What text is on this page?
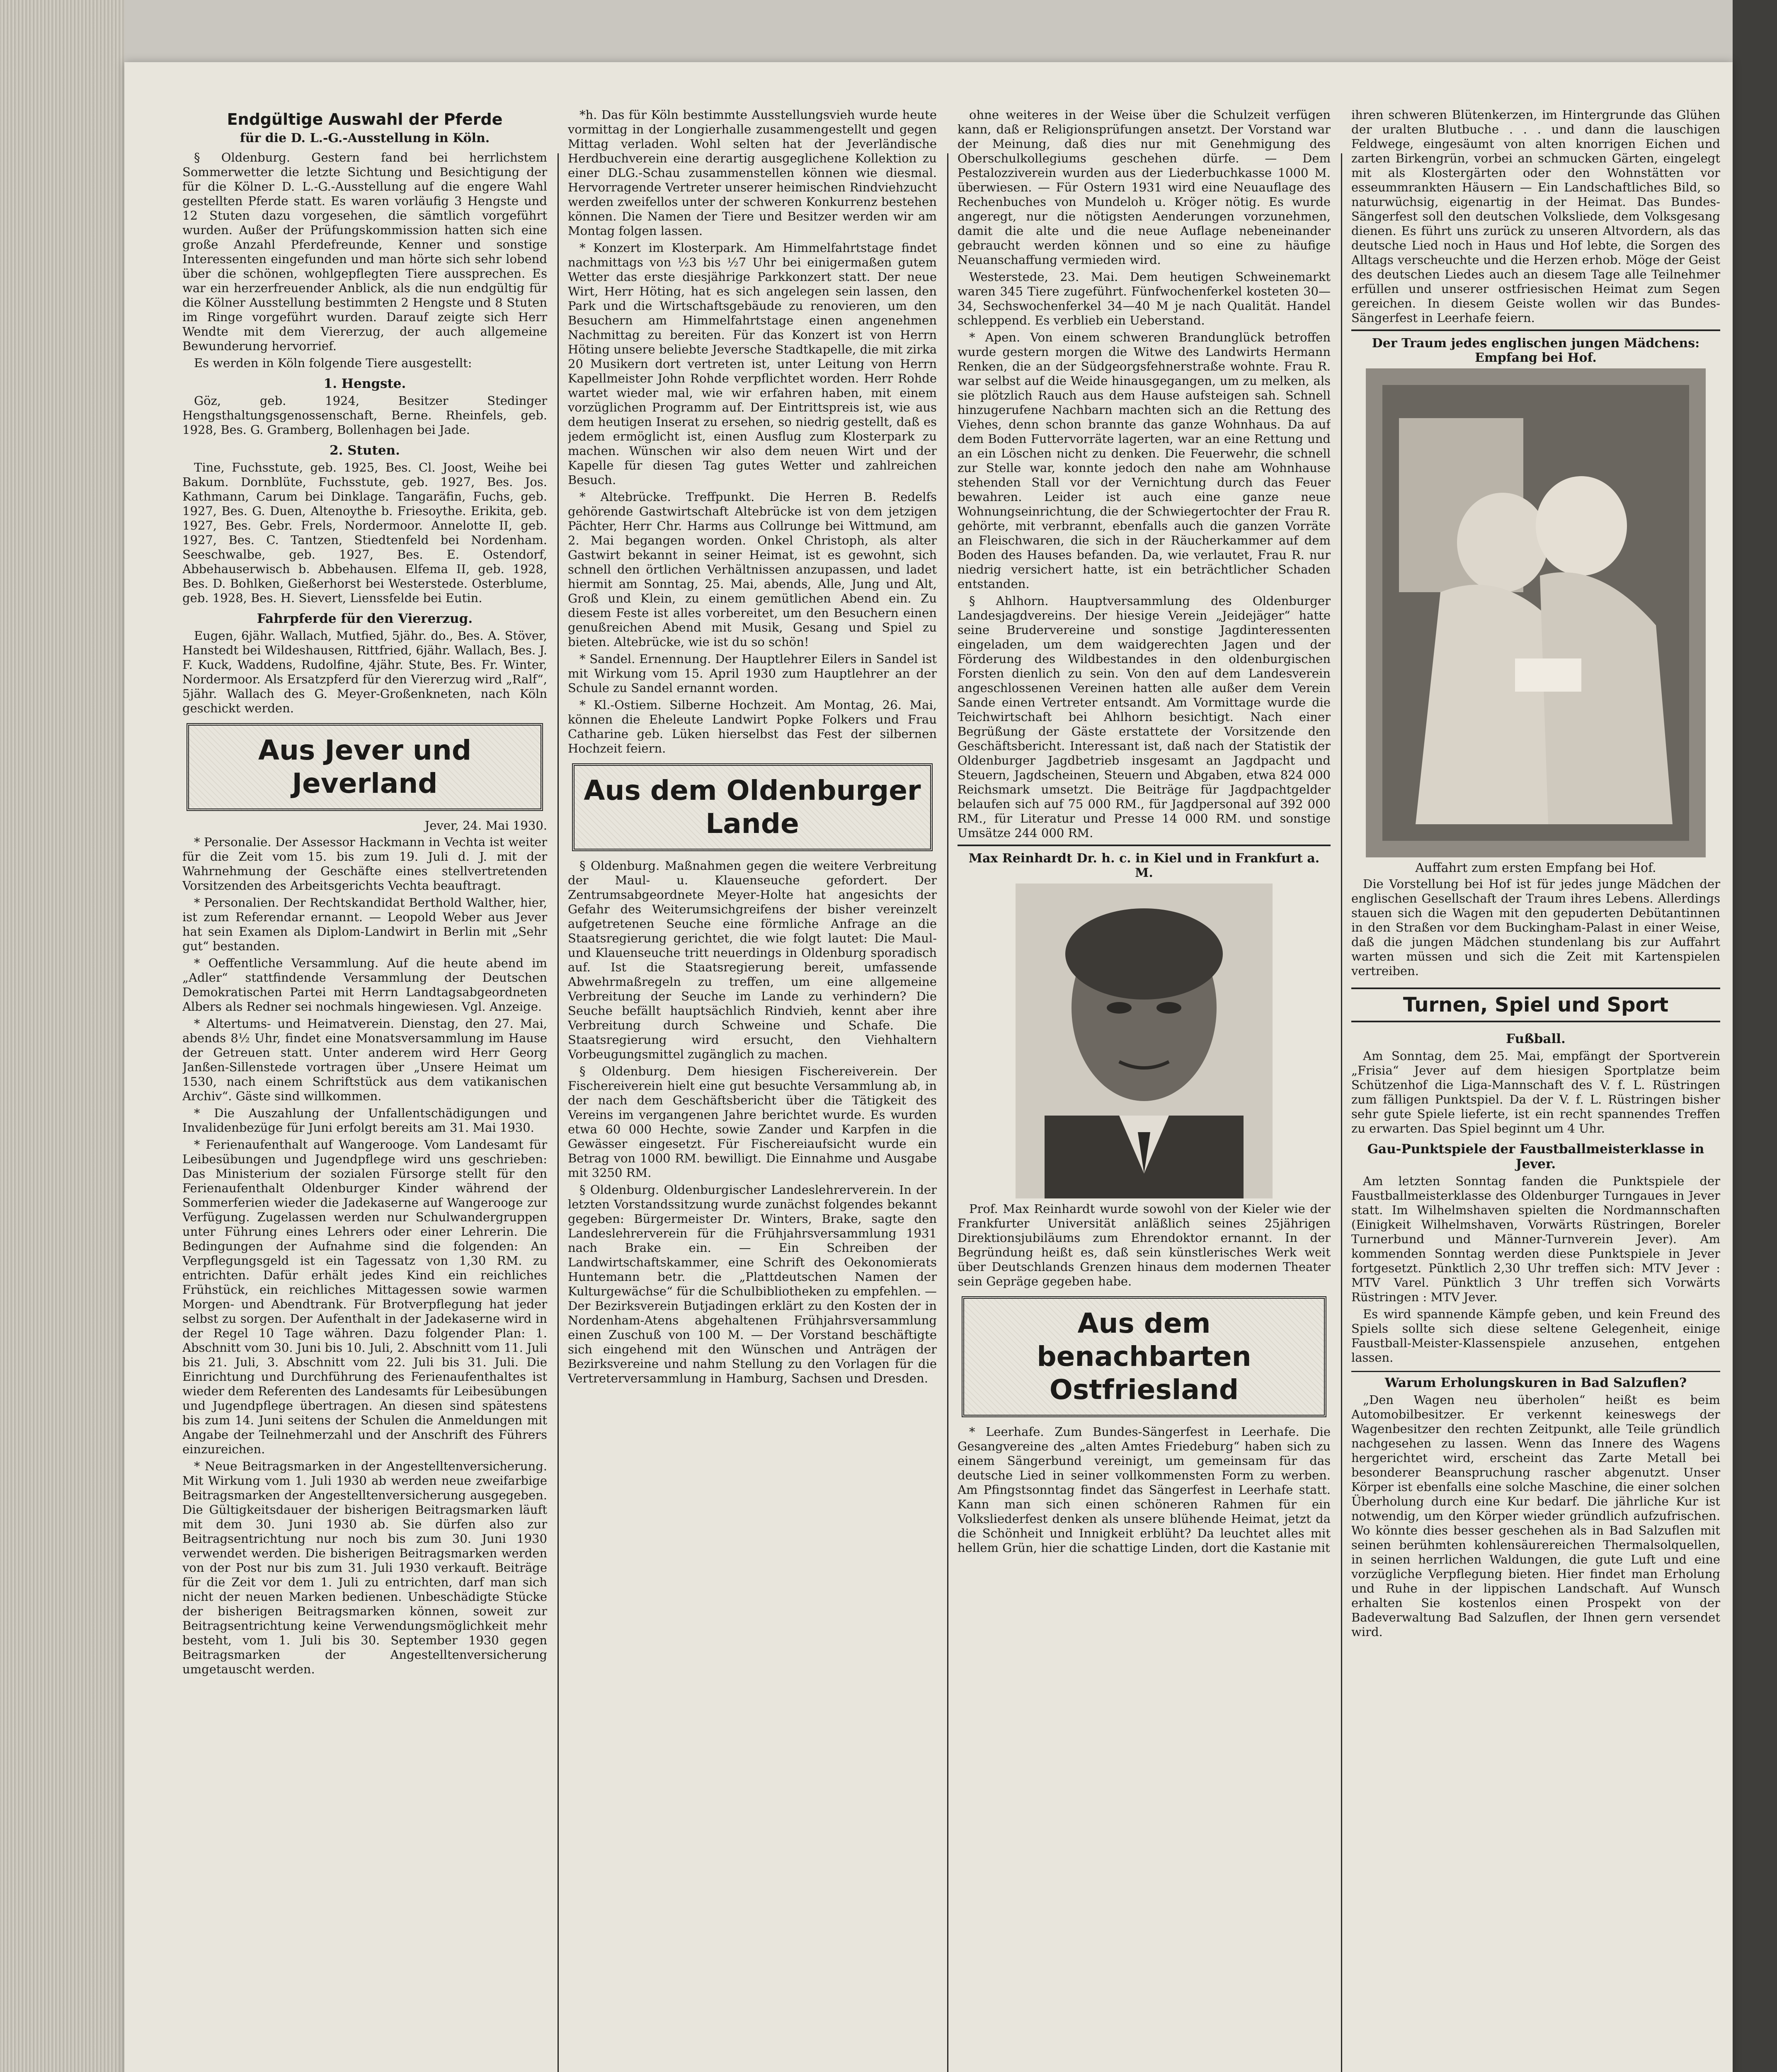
Endgültige Auswahl der Pferde
für die D. L.-G.-Ausstellung in Köln.

§ Oldenburg. Gestern fand bei herrlichstem Sommerwetter die letzte Sichtung und Besichtigung der für die Kölner D. L.-G.-Ausstellung auf die engere Wahl gestellten Pferde statt. Es waren vorläufig 3 Hengste und 12 Stuten dazu vorgesehen, die sämtlich vorgeführt wurden. Außer der Prüfungskommission hatten sich eine große Anzahl Pferdefreunde, Kenner und sonstige Interessenten eingefunden und man hörte sich sehr lobend über die schönen, wohlgepflegten Tiere aussprechen. Es war ein herzerfreuender Anblick, als die nun endgültig für die Kölner Ausstellung bestimmten 2 Hengste und 8 Stuten im Ringe vorgeführt wurden. Darauf zeigte sich Herr Wendte mit dem Viererzug, der auch allgemeine Bewunderung hervorrief.

Es werden in Köln folgende Tiere ausgestellt:

1. Hengste.

Göz, geb. 1924, Besitzer Stedinger Hengsthaltungsgenossenschaft, Berne. Rheinfels, geb. 1928, Bes. G. Gramberg, Bollenhagen bei Jade.

2. Stuten.

Tine, Fuchsstute, geb. 1925, Bes. Cl. Joost, Weihe bei Bakum. Dornblüte, Fuchsstute, geb. 1927, Bes. Jos. Kathmann, Carum bei Dinklage. Tangaräfin, Fuchs, geb. 1927, Bes. G. Duen, Altenoythe b. Friesoythe. Erikita, geb. 1927, Bes. Gebr. Frels, Nordermoor. Annelotte II, geb. 1927, Bes. C. Tantzen, Stiedtenfeld bei Nordenham. Seeschwalbe, geb. 1927, Bes. E. Ostendorf, Abbehauserwisch b. Abbehausen. Elfema II, geb. 1928, Bes. D. Bohlken, Gießerhorst bei Westerstede. Osterblume, geb. 1928, Bes. H. Sievert, Lienssfelde bei Eutin.

Fahrpferde für den Viererzug.

Eugen, 6jähr. Wallach, Mutfied, 5jähr. do., Bes. A. Stöver, Hanstedt bei Wildeshausen, Rittfried, 6jähr. Wallach, Bes. J. F. Kuck, Waddens, Rudolfine, 4jähr. Stute, Bes. Fr. Winter, Nordermoor. Als Ersatzpferd für den Viererzug wird „Ralf“, 5jähr. Wallach des G. Meyer-Großenkneten, nach Köln geschickt werden.

Aus Jever und Jeverland
Jever, 24. Mai 1930.

* Personalie. Der Assessor Hackmann in Vechta ist weiter für die Zeit vom 15. bis zum 19. Juli d. J. mit der Wahrnehmung der Geschäfte eines stellvertretenden Vorsitzenden des Arbeitsgerichts Vechta beauftragt.

* Personalien. Der Rechtskandidat Berthold Walther, hier, ist zum Referendar ernannt. — Leopold Weber aus Jever hat sein Examen als Diplom-Landwirt in Berlin mit „Sehr gut“ bestanden.

* Oeffentliche Versammlung. Auf die heute abend im „Adler“ stattfindende Versammlung der Deutschen Demokratischen Partei mit Herrn Landtagsabgeordneten Albers als Redner sei nochmals hingewiesen. Vgl. Anzeige.

* Altertums- und Heimatverein. Dienstag, den 27. Mai, abends 8½ Uhr, findet eine Monatsversammlung im Hause der Getreuen statt. Unter anderem wird Herr Georg Janßen-Sillenstede vortragen über „Unsere Heimat um 1530, nach einem Schriftstück aus dem vatikanischen Archiv“. Gäste sind willkommen.

* Die Auszahlung der Unfallentschädigungen und Invalidenbezüge für Juni erfolgt bereits am 31. Mai 1930.

* Ferienaufenthalt auf Wangerooge. Vom Landesamt für Leibesübungen und Jugendpflege wird uns geschrieben: Das Ministerium der sozialen Fürsorge stellt für den Ferienaufenthalt Oldenburger Kinder während der Sommerferien wieder die Jadekaserne auf Wangerooge zur Verfügung. Zugelassen werden nur Schulwandergruppen unter Führung eines Lehrers oder einer Lehrerin. Die Bedingungen der Aufnahme sind die folgenden: An Verpflegungsgeld ist ein Tagessatz von 1,30 RM. zu entrichten. Dafür erhält jedes Kind ein reichliches Frühstück, ein reichliches Mittagessen sowie warmen Morgen- und Abendtrank. Für Brotverpflegung hat jeder selbst zu sorgen. Der Aufenthalt in der Jadekaserne wird in der Regel 10 Tage währen. Dazu folgender Plan: 1. Abschnitt vom 30. Juni bis 10. Juli, 2. Abschnitt vom 11. Juli bis 21. Juli, 3. Abschnitt vom 22. Juli bis 31. Juli. Die Einrichtung und Durchführung des Ferienaufenthaltes ist wieder dem Referenten des Landesamts für Leibesübungen und Jugendpflege übertragen. An diesen sind spätestens bis zum 14. Juni seitens der Schulen die Anmeldungen mit Angabe der Teilnehmerzahl und der Anschrift des Führers einzureichen.

* Neue Beitragsmarken in der Angestelltenversicherung. Mit Wirkung vom 1. Juli 1930 ab werden neue zweifarbige Beitragsmarken der Angestelltenversicherung ausgegeben. Die Gültigkeitsdauer der bisherigen Beitragsmarken läuft mit dem 30. Juni 1930 ab. Sie dürfen also zur Beitragsentrichtung nur noch bis zum 30. Juni 1930 verwendet werden. Die bisherigen Beitragsmarken werden von der Post nur bis zum 31. Juli 1930 verkauft. Beiträge für die Zeit vor dem 1. Juli zu entrichten, darf man sich nicht der neuen Marken bedienen. Unbeschädigte Stücke der bisherigen Beitragsmarken können, soweit zur Beitragsentrichtung keine Verwendungsmöglichkeit mehr besteht, vom 1. Juli bis 30. September 1930 gegen Beitragsmarken der Angestelltenversicherung umgetauscht werden.

*h. Das für Köln bestimmte Ausstellungsvieh wurde heute vormittag in der Longierhalle zusammengestellt und gegen Mittag verladen. Wohl selten hat der Jeverländische Herdbuchverein eine derartig ausgeglichene Kollektion zu einer DLG.-Schau zusammenstellen können wie diesmal. Hervorragende Vertreter unserer heimischen Rindviehzucht werden zweifellos unter der schweren Konkurrenz bestehen können. Die Namen der Tiere und Besitzer werden wir am Montag folgen lassen.

* Konzert im Klosterpark. Am Himmelfahrtstage findet nachmittags von ½3 bis ½7 Uhr bei einigermaßen gutem Wetter das erste diesjährige Parkkonzert statt. Der neue Wirt, Herr Höting, hat es sich angelegen sein lassen, den Park und die Wirtschaftsgebäude zu renovieren, um den Besuchern am Himmelfahrtstage einen angenehmen Nachmittag zu bereiten. Für das Konzert ist von Herrn Höting unsere beliebte Jeversche Stadtkapelle, die mit zirka 20 Musikern dort vertreten ist, unter Leitung von Herrn Kapellmeister John Rohde verpflichtet worden. Herr Rohde wartet wieder mal, wie wir erfahren haben, mit einem vorzüglichen Programm auf. Der Eintrittspreis ist, wie aus dem heutigen Inserat zu ersehen, so niedrig gestellt, daß es jedem ermöglicht ist, einen Ausflug zum Klosterpark zu machen. Wünschen wir also dem neuen Wirt und der Kapelle für diesen Tag gutes Wetter und zahlreichen Besuch.

* Altebrücke. Treffpunkt. Die Herren B. Redelfs gehörende Gastwirtschaft Altebrücke ist von dem jetzigen Pächter, Herr Chr. Harms aus Collrunge bei Wittmund, am 2. Mai begangen worden. Onkel Christoph, als alter Gastwirt bekannt in seiner Heimat, ist es gewohnt, sich schnell den örtlichen Verhältnissen anzupassen, und ladet hiermit am Sonntag, 25. Mai, abends, Alle, Jung und Alt, Groß und Klein, zu einem gemütlichen Abend ein. Zu diesem Feste ist alles vorbereitet, um den Besuchern einen genußreichen Abend mit Musik, Gesang und Spiel zu bieten. Altebrücke, wie ist du so schön!

* Sandel. Ernennung. Der Hauptlehrer Eilers in Sandel ist mit Wirkung vom 15. April 1930 zum Hauptlehrer an der Schule zu Sandel ernannt worden.

* Kl.-Ostiem. Silberne Hochzeit. Am Montag, 26. Mai, können die Eheleute Landwirt Popke Folkers und Frau Catharine geb. Lüken hierselbst das Fest der silbernen Hochzeit feiern.

Aus dem Oldenburger Lande

§ Oldenburg. Maßnahmen gegen die weitere Verbreitung der Maul- u. Klauenseuche gefordert. Der Zentrumsabgeordnete Meyer-Holte hat angesichts der Gefahr des Weiterumsichgreifens der bisher vereinzelt aufgetretenen Seuche eine förmliche Anfrage an die Staatsregierung gerichtet, die wie folgt lautet: Die Maul- und Klauenseuche tritt neuerdings in Oldenburg sporadisch auf. Ist die Staatsregierung bereit, umfassende Abwehrmaßregeln zu treffen, um eine allgemeine Verbreitung der Seuche im Lande zu verhindern? Die Seuche befällt hauptsächlich Rindvieh, kennt aber ihre Verbreitung durch Schweine und Schafe. Die Staatsregierung wird ersucht, den Viehhaltern Vorbeugungsmittel zugänglich zu machen.

§ Oldenburg. Dem hiesigen Fischereiverein. Der Fischereiverein hielt eine gut besuchte Versammlung ab, in der nach dem Geschäftsbericht über die Tätigkeit des Vereins im vergangenen Jahre berichtet wurde. Es wurden etwa 60 000 Hechte, sowie Zander und Karpfen in die Gewässer eingesetzt. Für Fischereiaufsicht wurde ein Betrag von 1000 RM. bewilligt. Die Einnahme und Ausgabe mit 3250 RM.

§ Oldenburg. Oldenburgischer Landeslehrerverein. In der letzten Vorstandssitzung wurde zunächst folgendes bekannt gegeben: Bürgermeister Dr. Winters, Brake, sagte den Landeslehrerverein für die Frühjahrsversammlung 1931 nach Brake ein. — Ein Schreiben der Landwirtschaftskammer, eine Schrift des Oekonomierats Huntemann betr. die „Plattdeutschen Namen der Kulturgewächse“ für die Schulbibliotheken zu empfehlen. — Der Bezirksverein Butjadingen erklärt zu den Kosten der in Nordenham-Atens abgehaltenen Frühjahrsversammlung einen Zuschuß von 100 M. — Der Vorstand beschäftigte sich eingehend mit den Wünschen und Anträgen der Bezirksvereine und nahm Stellung zu den Vorlagen für die Vertreterversammlung in Hamburg, Sachsen und Dresden.

ohne weiteres in der Weise über die Schulzeit verfügen kann, daß er Religionsprüfungen ansetzt. Der Vorstand war der Meinung, daß dies nur mit Genehmigung des Oberschulkollegiums geschehen dürfe. — Dem Pestalozziverein wurden aus der Liederbuchkasse 1000 M. überwiesen. — Für Ostern 1931 wird eine Neuauflage des Rechenbuches von Mundeloh u. Kröger nötig. Es wurde angeregt, nur die nötigsten Aenderungen vorzunehmen, damit die alte und die neue Auflage nebeneinander gebraucht werden können und so eine zu häufige Neuanschaffung vermieden wird.

Westerstede, 23. Mai. Dem heutigen Schweinemarkt waren 345 Tiere zugeführt. Fünfwochenferkel kosteten 30—34, Sechswochenferkel 34—40 M je nach Qualität. Handel schleppend. Es verblieb ein Ueberstand.

* Apen. Von einem schweren Brandunglück betroffen wurde gestern morgen die Witwe des Landwirts Hermann Renken, die an der Südgeorgsfehnerstraße wohnte. Frau R. war selbst auf die Weide hinausgegangen, um zu melken, als sie plötzlich Rauch aus dem Hause aufsteigen sah. Schnell hinzugerufene Nachbarn machten sich an die Rettung des Viehes, denn schon brannte das ganze Wohnhaus. Da auf dem Boden Futtervorräte lagerten, war an eine Rettung und an ein Löschen nicht zu denken. Die Feuerwehr, die schnell zur Stelle war, konnte jedoch den nahe am Wohnhause stehenden Stall vor der Vernichtung durch das Feuer bewahren. Leider ist auch eine ganze neue Wohnungseinrichtung, die der Schwiegertochter der Frau R. gehörte, mit verbrannt, ebenfalls auch die ganzen Vorräte an Fleischwaren, die sich in der Räucherkammer auf dem Boden des Hauses befanden. Da, wie verlautet, Frau R. nur niedrig versichert hatte, ist ein beträchtlicher Schaden entstanden.

§ Ahlhorn. Hauptversammlung des Oldenburger Landesjagdvereins. Der hiesige Verein „Jeidejäger“ hatte seine Brudervereine und sonstige Jagdinteressenten eingeladen, um dem waidgerechten Jagen und der Förderung des Wildbestandes in den oldenburgischen Forsten dienlich zu sein. Von den auf dem Landesverein angeschlossenen Vereinen hatten alle außer dem Verein Sande einen Vertreter entsandt. Am Vormittage wurde die Teichwirtschaft bei Ahlhorn besichtigt. Nach einer Begrüßung der Gäste erstattete der Vorsitzende den Geschäftsbericht. Interessant ist, daß nach der Statistik der Oldenburger Jagdbetrieb insgesamt an Jagdpacht und Steuern, Jagdscheinen, Steuern und Abgaben, etwa 824 000 Reichsmark umsetzt. Die Beiträge für Jagdpachtgelder belaufen sich auf 75 000 RM., für Jagdpersonal auf 392 000 RM., für Literatur und Presse 14 000 RM. und sonstige Umsätze 244 000 RM.

Max Reinhardt Dr. h. c. in Kiel und in Frankfurt a. M.

Prof. Max Reinhardt wurde sowohl von der Kieler wie der Frankfurter Universität anläßlich seines 25jährigen Direktionsjubiläums zum Ehrendoktor ernannt. In der Begründung heißt es, daß sein künstlerisches Werk weit über Deutschlands Grenzen hinaus dem modernen Theater sein Gepräge gegeben habe.

Aus dem benachbarten Ostfriesland

* Leerhafe. Zum Bundes-Sängerfest in Leerhafe. Die Gesangvereine des „alten Amtes Friedeburg“ haben sich zu einem Sängerbund vereinigt, um gemeinsam für das deutsche Lied in seiner vollkommensten Form zu werben. Am Pfingstsonntag findet das Sängerfest in Leerhafe statt. Kann man sich einen schöneren Rahmen für ein Volksliederfest denken als unsere blühende Heimat, jetzt da die Schönheit und Innigkeit erblüht? Da leuchtet alles mit hellem Grün, hier die schattige Linden, dort die Kastanie mit

ihren schweren Blütenkerzen, im Hintergrunde das Glühen der uralten Blutbuche . . . und dann die lauschigen Feldwege, eingesäumt von alten knorrigen Eichen und zarten Birkengrün, vorbei an schmucken Gärten, eingelegt mit als Klostergärten oder den Wohnstätten vor esseummrankten Häusern — Ein Landschaftliches Bild, so naturwüchsig, eigenartig in der Heimat. Das Bundes-Sängerfest soll den deutschen Volksliede, dem Volksgesang dienen. Es führt uns zurück zu unseren Altvordern, als das deutsche Lied noch in Haus und Hof lebte, die Sorgen des Alltags verscheuchte und die Herzen erhob. Möge der Geist des deutschen Liedes auch an diesem Tage alle Teilnehmer erfüllen und unserer ostfriesischen Heimat zum Segen gereichen. In diesem Geiste wollen wir das Bundes-Sängerfest in Leerhafe feiern.

Der Traum jedes englischen jungen Mädchens: Empfang bei Hof.
Auffahrt zum ersten Empfang bei Hof.

Die Vorstellung bei Hof ist für jedes junge Mädchen der englischen Gesellschaft der Traum ihres Lebens. Allerdings stauen sich die Wagen mit den gepuderten Debütantinnen in den Straßen vor dem Buckingham-Palast in einer Weise, daß die jungen Mädchen stundenlang bis zur Auffahrt warten müssen und sich die Zeit mit Kartenspielen vertreiben.

Turnen, Spiel und Sport
Fußball.

Am Sonntag, dem 25. Mai, empfängt der Sportverein „Frisia“ Jever auf dem hiesigen Sportplatze beim Schützenhof die Liga-Mannschaft des V. f. L. Rüstringen zum fälligen Punktspiel. Da der V. f. L. Rüstringen bisher sehr gute Spiele lieferte, ist ein recht spannendes Treffen zu erwarten. Das Spiel beginnt um 4 Uhr.

Gau-Punktspiele der Faustballmeisterklasse in Jever.

Am letzten Sonntag fanden die Punktspiele der Faustballmeisterklasse des Oldenburger Turngaues in Jever statt. Im Wilhelmshaven spielten die Nordmannschaften (Einigkeit Wilhelmshaven, Vorwärts Rüstringen, Boreler Turnerbund und Männer-Turnverein Jever). Am kommenden Sonntag werden diese Punktspiele in Jever fortgesetzt. Pünktlich 2,30 Uhr treffen sich: MTV Jever : MTV Varel. Pünktlich 3 Uhr treffen sich Vorwärts Rüstringen : MTV Jever.

Es wird spannende Kämpfe geben, und kein Freund des Spiels sollte sich diese seltene Gelegenheit, einige Faustball-Meister-Klassenspiele anzusehen, entgehen lassen.

Warum Erholungskuren in Bad Salzuflen?

„Den Wagen neu überholen“ heißt es beim Automobilbesitzer. Er verkennt keineswegs der Wagenbesitzer den rechten Zeitpunkt, alle Teile gründlich nachgesehen zu lassen. Wenn das Innere des Wagens hergerichtet wird, erscheint das Zarte Metall bei besonderer Beanspruchung rascher abgenutzt. Unser Körper ist ebenfalls eine solche Maschine, die einer solchen Überholung durch eine Kur bedarf. Die jährliche Kur ist notwendig, um den Körper wieder gründlich aufzufrischen. Wo könnte dies besser geschehen als in Bad Salzuflen mit seinen berühmten kohlensäurereichen Thermalsolquellen, in seinen herrlichen Waldungen, die gute Luft und eine vorzügliche Verpflegung bieten. Hier findet man Erholung und Ruhe in der lippischen Landschaft. Auf Wunsch erhalten Sie kostenlos einen Prospekt von der Badeverwaltung Bad Salzuflen, der Ihnen gern versendet wird.
